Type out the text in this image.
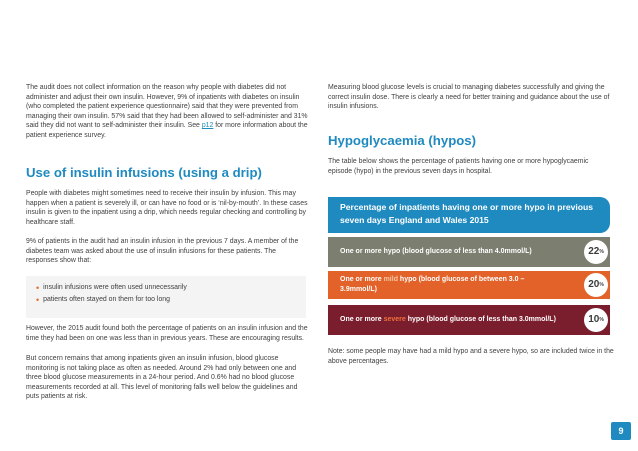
The audit does not collect information on the reason why people with diabetes did not administer and adjust their own insulin. However, 9% of inpatients with diabetes on insulin (who completed the patient experience questionnaire) said that they were prevented from managing their own insulin. 57% said that they had been allowed to self-administer and 31% said they did not want to self-administer their insulin. See p12 for more information about the patient experience survey.

Use of insulin infusions (using a drip)

People with diabetes might sometimes need to receive their insulin by infusion. This may happen when a patient is severely ill, or can have no food or is ‘nil-by-mouth’. In these cases insulin is given to the inpatient using a drip, which needs regular checking and controlling by healthcare staff.

9% of patients in the audit had an insulin infusion in the previous 7 days. A member of the diabetes team was asked about the use of insulin infusions for these patients. The responses show that:

• insulin infusions were often used unnecessarily
• patients often stayed on them for too long

However, the 2015 audit found both the percentage of patients on an insulin infusion and the time they had been on one was less than in previous years. These are encouraging results.

But concern remains that among inpatients given an insulin infusion, blood glucose monitoring is not taking place as often as needed. Around 2% had only between one and three blood glucose measurements in a 24-hour period. And 0.6% had no blood glucose measurements recorded at all. This level of monitoring falls well below the guidelines and puts patients at risk.

Measuring blood glucose levels is crucial to managing diabetes successfully and giving the correct insulin dose. There is clearly a need for better training and guidance about the use of insulin infusions.

Hypoglycaemia (hypos)

The table below shows the percentage of patients having one or more hypoglycaemic episode (hypo) in the previous seven days in hospital.

Percentage of inpatients having one or more hypo in previous seven days England and Wales 2015
One or more hypo (blood glucose of less than 4.0mmol/L)	22 %
One or more mild hypo (blood glucose of between 3.0 – 3.9mmol/L)	20 %
One or more severe hypo (blood glucose of less than 3.0mmol/L)	10 %

Note: some people may have had a mild hypo and a severe hypo, so are included twice in the above percentages.

9
